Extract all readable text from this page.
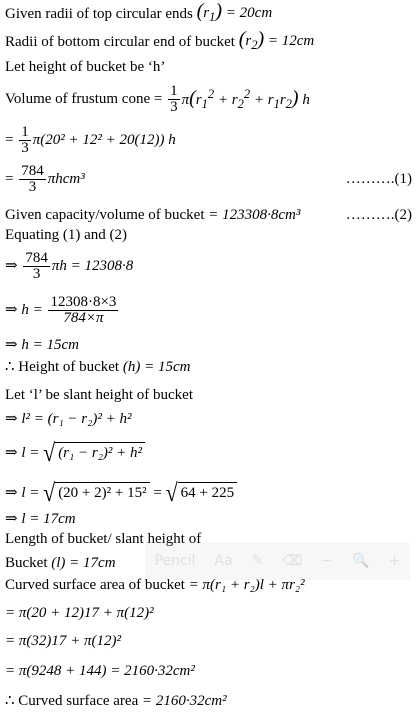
Given radii of top circular ends $(r_1) = 20cm$
Radii of bottom circular end of bucket $(r_2) = 12cm$
Let height of bucket be ‘h’
Volume of frustum cone = $\frac{1}{3} \pi(r_1^2 + r_2^2 + r_1r_2)$ h
= $\frac{1}{3} \pi(20^2 + 12^2 + 20(12))$ h
= $\frac{784}{3} \pi hcm^3$	……….(1)
Given capacity/volume of bucket
= 123308·8cm³	……….(2)
Equating (1) and (2)
⇒ $\frac{784}{3}$ πh = 12308·8
⇒ $h = \frac{12308\cdot 8\times 3}{784\times\pi}$
⇒ h = 15cm
∴ Height of bucket
(h) = 15cm
Let ‘l’ be slant height of bucket
⇒ l² = (r₁ − r₂)² + h²
⇒ l = √ (r₁ − r₂)² + h²
⇒ l = √ (20 + 2)² + 15² = √ 64 + 225
⇒ l = 17cm
Length of bucket/ slant height of
Bucket
(l) = 17cm
Curved surface area of bucket
= π(r₁ + r₂)l + πr₂²
= π(20 + 12)17 + π(12)²
= π(32)17 + π(12)²
= π(9248 + 144) = 2160·32cm²
∴ Curved surface area
= 2160·32cm²
Pencil Aa ✎ ⌫ − 🔍 +
